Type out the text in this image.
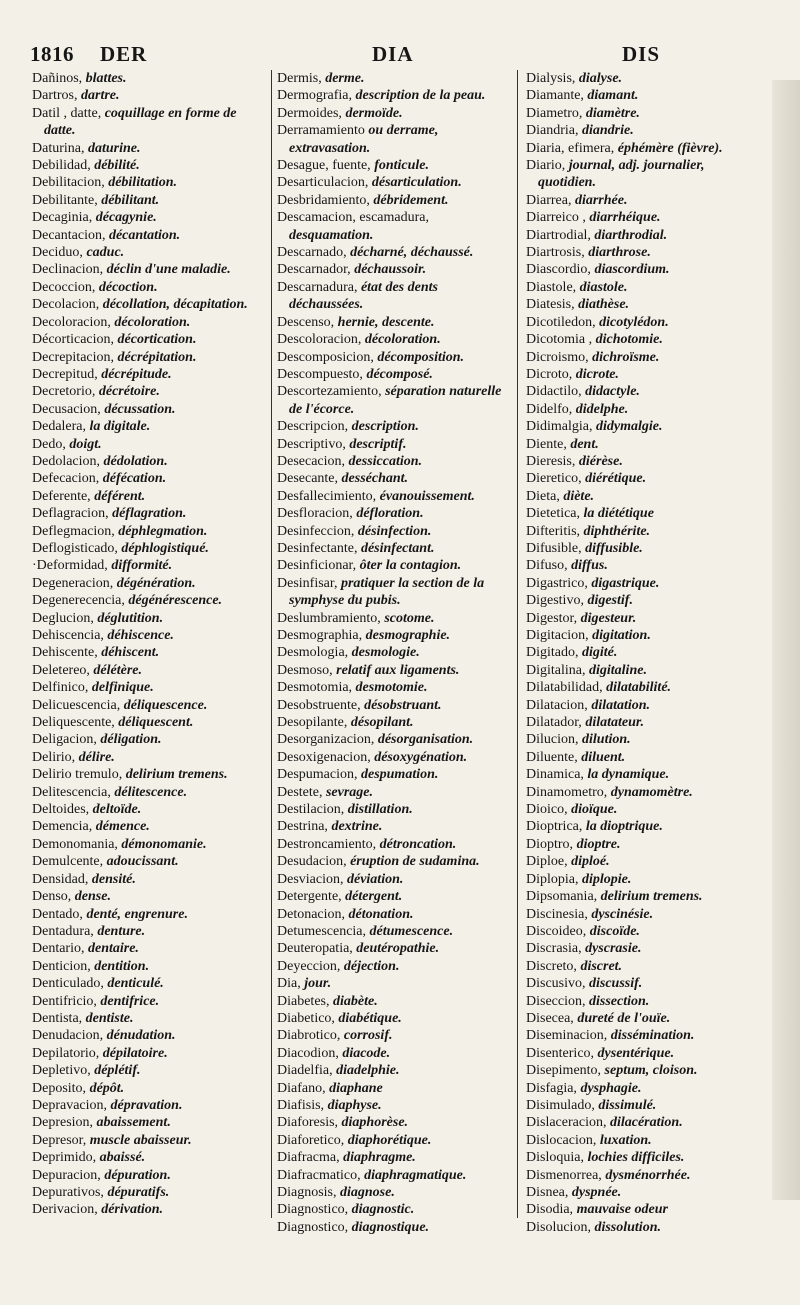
1816 DER	DIA	DIS

Dañinos, blattes.

Dartros, dartre.

Datil , datte, coquillage en forme de datte.

Daturina, daturine.

Debilidad, débilité.

Debilitacion, débilitation.

Debilitante, débilitant.

Decaginia, décagynie.

Decantacion, décantation.

Deciduo, caduc.

Declinacion, déclin d'une maladie.

Decoccion, décoction.

Decolacion, décollation, décapitation.

Decoloracion, décoloration.

Décorticacion, décortication.

Decrepitacion, décrépitation.

Decrepitud, décrépitude.

Decretorio, décrétoire.

Decusacion, décussation.

Dedalera, la digitale.

Dedo, doigt.

Dedolacion, dédolation.

Defecacion, défécation.

Deferente, déférent.

Deflagracion, déflagration.

Deflegmacion, déphlegmation.

Deflogisticado, déphlogistiqué.

·Deformidad, difformité.

Degeneracion, dégénération.

Degenerecencia, dégénérescence.

Deglucion, déglutition.

Dehiscencia, déhiscence.

Dehiscente, déhiscent.

Deletereo, délétère.

Delfinico, delfinique.

Delicuescencia, déliquescence.

Deliquescente, déliquescent.

Deligacion, déligation.

Delirio, délire.

Delirio tremulo, delirium tremens.

Delitescencia, délitescence.

Deltoides, deltoïde.

Demencia, démence.

Demonomania, démonomanie.

Demulcente, adoucissant.

Densidad, densité.

Denso, dense.

Dentado, denté, engrenure.

Dentadura, denture.

Dentario, dentaire.

Denticion, dentition.

Denticulado, denticulé.

Dentifricio, dentifrice.

Dentista, dentiste.

Denudacion, dénudation.

Depilatorio, dépilatoire.

Depletivo, déplétif.

Deposito, dépôt.

Depravacion, dépravation.

Depresion, abaissement.

Depresor, muscle abaisseur.

Deprimido, abaissé.

Depuracion, dépuration.

Depurativos, dépuratifs.

Derivacion, dérivation.

Dermis, derme.

Dermografia, description de la peau.

Dermoides, dermoïde.

Derramamiento ou derrame, extravasation.

Desague, fuente, fonticule.

Desarticulacion, désarticulation.

Desbridamiento, débridement.

Descamacion, escamadura, desquamation.

Descarnado, décharné, déchaussé.

Descarnador, déchaussoir.

Descarnadura, état des dents déchaussées.

Descenso, hernie, descente.

Descoloracion, décoloration.

Descomposicion, décomposition.

Descompuesto, décomposé.

Descortezamiento, séparation naturelle de l'écorce.

Descripcion, description.

Descriptivo, descriptif.

Desecacion, dessiccation.

Desecante, desséchant.

Desfallecimiento, évanouissement.

Desfloracion, défloration.

Desinfeccion, désinfection.

Desinfectante, désinfectant.

Desinficionar, ôter la contagion.

Desinfisar, pratiquer la section de la symphyse du pubis.

Deslumbramiento, scotome.

Desmographia, desmographie.

Desmologia, desmologie.

Desmoso, relatif aux ligaments.

Desmotomia, desmotomie.

Desobstruente, désobstruant.

Desopilante, désopilant.

Desorganizacion, désorganisation.

Desoxigenacion, désoxygénation.

Despumacion, despumation.

Destete, sevrage.

Destilacion, distillation.

Destrina, dextrine.

Destroncamiento, détroncation.

Desudacion, éruption de sudamina.

Desviacion, déviation.

Detergente, détergent.

Detonacion, détonation.

Detumescencia, détumescence.

Deuteropatia, deutéropathie.

Deyeccion, déjection.

Dia, jour.

Diabetes, diabète.

Diabetico, diabétique.

Diabrotico, corrosif.

Diacodion, diacode.

Diadelfia, diadelphie.

Diafano, diaphane

Diafisis, diaphyse.

Diaforesis, diaphorèse.

Diaforetico, diaphorétique.

Diafracma, diaphragme.

Diafracmatico, diaphragmatique.

Diagnosis, diagnose.

Diagnostico, diagnostic.

Diagnostico, diagnostique.

Dialysis, dialyse.

Diamante, diamant.

Diametro, diamètre.

Diandria, diandrie.

Diaria, efimera, éphémère (fièvre).

Diario, journal, adj. journalier, quotidien.

Diarrea, diarrhée.

Diarreico , diarrhéique.

Diartrodial, diarthrodial.

Diartrosis, diarthrose.

Diascordio, diascordium.

Diastole, diastole.

Diatesis, diathèse.

Dicotiledon, dicotylédon.

Dicotomia , dichotomie.

Dicroismo, dichroïsme.

Dicroto, dicrote.

Didactilo, didactyle.

Didelfo, didelphe.

Didimalgia, didymalgie.

Diente, dent.

Dieresis, diérèse.

Dieretico, diérétique.

Dieta, diète.

Dietetica, la diététique

Difteritis, diphthérite.

Difusible, diffusible.

Difuso, diffus.

Digastrico, digastrique.

Digestivo, digestif.

Digestor, digesteur.

Digitacion, digitation.

Digitado, digité.

Digitalina, digitaline.

Dilatabilidad, dilatabilité.

Dilatacion, dilatation.

Dilatador, dilatateur.

Dilucion, dilution.

Diluente, diluent.

Dinamica, la dynamique.

Dinamometro, dynamomètre.

Dioico, dioïque.

Dioptrica, la dioptrique.

Dioptro, dioptre.

Diploe, diploé.

Diplopia, diplopie.

Dipsomania, delirium tremens.

Discinesia, dyscinésie.

Discoideo, discoïde.

Discrasia, dyscrasie.

Discreto, discret.

Discusivo, discussif.

Diseccion, dissection.

Disecea, dureté de l'ouïe.

Diseminacion, dissémination.

Disenterico, dysentérique.

Disepimento, septum, cloison.

Disfagia, dysphagie.

Disimulado, dissimulé.

Dislaceracion, dilacération.

Dislocacion, luxation.

Disloquia, lochies difficiles.

Dismenorrea, dysménorrhée.

Disnea, dyspnée.

Disodia, mauvaise odeur

Disolucion, dissolution.
